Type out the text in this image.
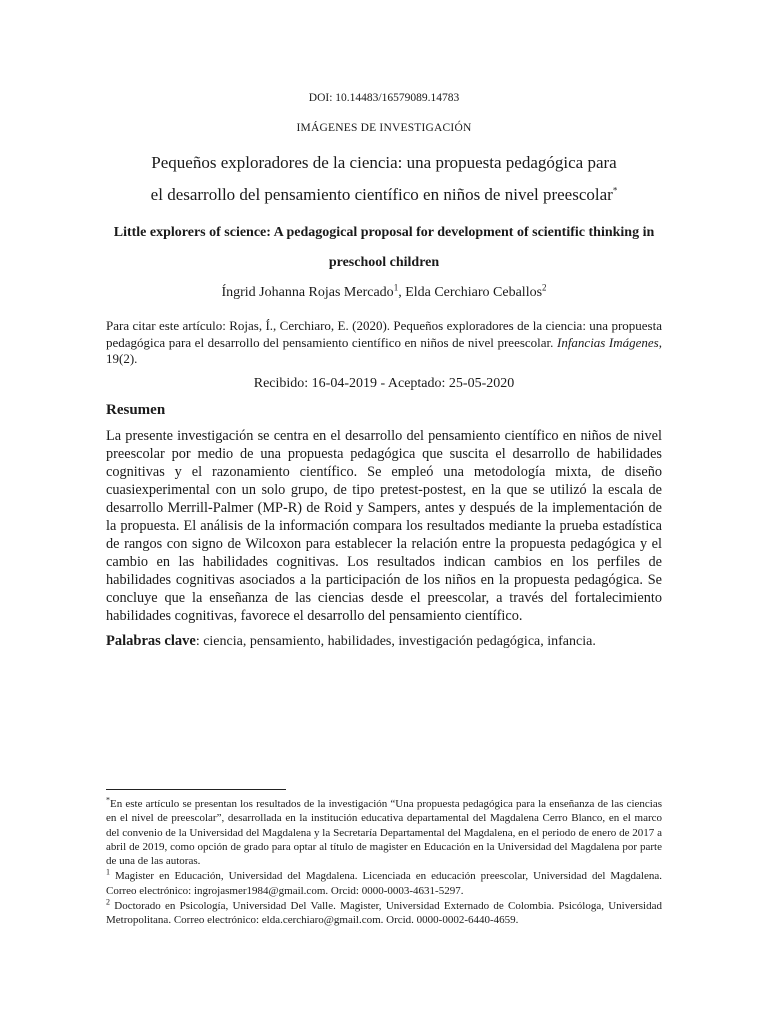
DOI: 10.14483/16579089.14783
IMÁGENES DE INVESTIGACIÓN
Pequeños exploradores de la ciencia: una propuesta pedagógica para
el desarrollo del pensamiento científico en niños de nivel preescolar*
Little explorers of science: A pedagogical proposal for development of scientific thinking in preschool children
Íngrid Johanna Rojas Mercado$^1$, Elda Cerchiaro Ceballos$^2$
Para citar este artículo: Rojas, Í., Cerchiaro, E. (2020). Pequeños exploradores de la ciencia: una propuesta pedagógica para el desarrollo del pensamiento científico en niños de nivel preescolar. Infancias Imágenes, 19(2).
Recibido: 16-04-2019 - Aceptado: 25-05-2020
Resumen

La presente investigación se centra en el desarrollo del pensamiento científico en niños de nivel preescolar por medio de una propuesta pedagógica que suscita el desarrollo de habilidades cognitivas y el razonamiento científico. Se empleó una metodología mixta, de diseño cuasiexperimental con un solo grupo, de tipo pretest-postest, en la que se utilizó la escala de desarrollo Merrill-Palmer (MP-R) de Roid y Sampers, antes y después de la implementación de la propuesta. El análisis de la información compara los resultados mediante la prueba estadística de rangos con signo de Wilcoxon para establecer la relación entre la propuesta pedagógica y el cambio en las habilidades cognitivas. Los resultados indican cambios en los perfiles de habilidades cognitivas asociados a la participación de los niños en la propuesta pedagógica. Se concluye que la enseñanza de las ciencias desde el preescolar, a través del fortalecimiento habilidades cognitivas, favorece el desarrollo del pensamiento científico.

Palabras clave: ciencia, pensamiento, habilidades, investigación pedagógica, infancia.

*En este artículo se presentan los resultados de la investigación “Una propuesta pedagógica para la enseñanza de las ciencias en el nivel de preescolar”, desarrollada en la institución educativa departamental del Magdalena Cerro Blanco, en el marco del convenio de la Universidad del Magdalena y la Secretaría Departamental del Magdalena, en el periodo de enero de 2017 a abril de 2019, como opción de grado para optar al título de magister en Educación en la Universidad del Magdalena por parte de una de las autoras.

$^1$ Magister en Educación, Universidad del Magdalena. Licenciada en educación preescolar, Universidad del Magdalena. Correo electrónico: ingrojasmer1984@gmail.com. Orcid: 0000-0003-4631-5297.

$^2$ Doctorado en Psicología, Universidad Del Valle. Magister, Universidad Externado de Colombia. Psicóloga, Universidad Metropolitana. Correo electrónico: elda.cerchiaro@gmail.com. Orcid. 0000-0002-6440-4659.
